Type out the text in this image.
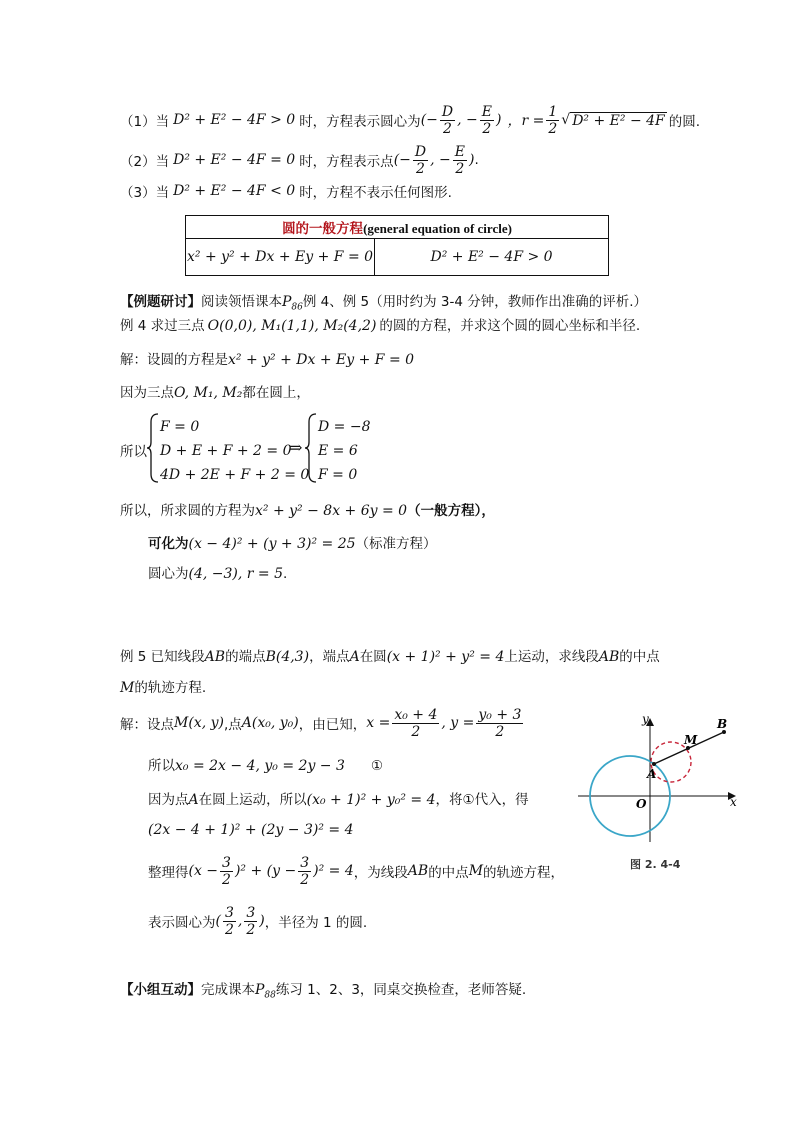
（1）当 D² + E² − 4F > 0 时，方程表示圆心为 (− $\frac{D}{2}$ , − $\frac{E}{2}$ ) ，$r = \frac{1}{2}$ √ D² + E² − 4F 的圆.
（2）当 D² + E² − 4F = 0 时，方程表示点 (− $\frac{D}{2}$ , − $\frac{E}{2}$ ) .
（3）当 D² + E² − 4F < 0 时，方程不表示任何图形.
圆的一般方程(general equation of circle)
x² + y² + Dx + Ey + F = 0	D² + E² − 4F > 0
【例题研讨】阅读领悟课本$P_{86}$例 4、例 5（用时约为 3-4 分钟，教师作出准确的评析.）
例 4 求过三点 O(0,0), M₁(1,1), M₂(4,2) 的圆的方程，并求这个圆的圆心坐标和半径.
解：设圆的方程是x² + y² + Dx + Ey + F = 0
因为三点O, M₁, M₂都在圆上，
所以
F = 0
D + E + F + 2 = 0
4D + 2E + F + 2 = 0
⇒
D = −8
E = 6
F = 0
所以，所求圆的方程为x² + y² − 8x + 6y = 0（一般方程），
可化为(x − 4)² + (y + 3)² = 25（标准方程）
圆心为(4, −3), r = 5.
例 5 已知线段AB的端点B(4,3)，端点A在圆(x + 1)² + y² = 4上运动，求线段AB的中点
M的轨迹方程.
解：设点 M(x, y) ,点 A(x₀, y₀) ，由已知， $x = \frac{\text{x₀ + 4}}{2}$ , $y = \frac{\text{y₀ + 3}}{2}$
所以x₀ = 2x − 4, y₀ = 2y − 3 ①
因为点A在圆上运动，所以(x₀ + 1)² + y₀² = 4，将①代入，得
(2x − 4 + 1)² + (2y − 3)² = 4
整理得 $(x - \frac{3}{2} )^2 + (y - \frac{3}{2} )^2 = 4$ ，为线段 AB 的中点 M 的轨迹方程，
表示圆心为 ( $\frac{3}{2}$ , $\frac{3}{2}$ ) ，半径为 1 的圆.
y
x
O
A
M
B
图 2. 4-4
【小组互动】完成课本$P_{88}$练习 1、2、3，同桌交换检查，老师答疑.
